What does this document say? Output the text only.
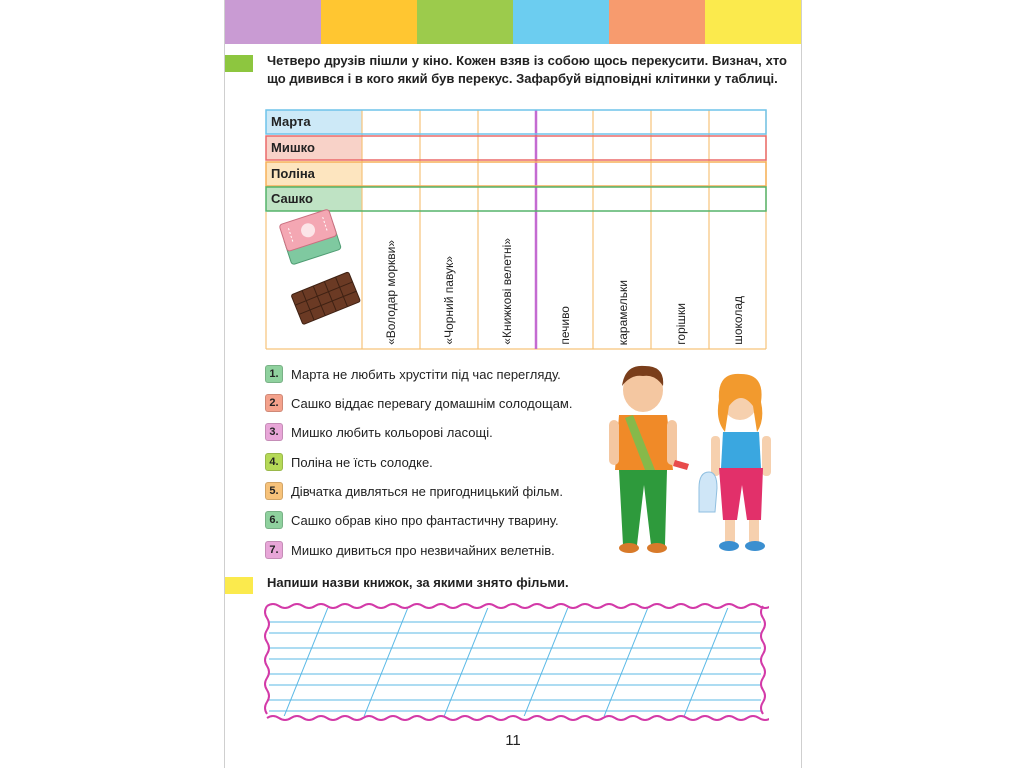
Четверо друзів пішли у кіно. Кожен взяв із собою щось перекусити. Визнач, хто що дивився і в кого який був перекус. Зафарбуй відповідні клітинки у таблиці.
Марта
Мишко
Поліна
Сашко
«Володар моркви»	«Чорний павук»	«Книжкові велетні»	печиво	карамельки	горішки	шоколад
1. Марта не любить хрустіти під час перегляду.
2. Сашко віддає перевагу домашнім солодощам.
3. Мишко любить кольорові ласощі.
4. Поліна не їсть солодке.
5. Дівчатка дивляться не пригодницький фільм.
6. Сашко обрав кіно про фантастичну тварину.
7. Мишко дивиться про незвичайних велетнів.
Напиши назви книжок, за якими знято фільми.
11
